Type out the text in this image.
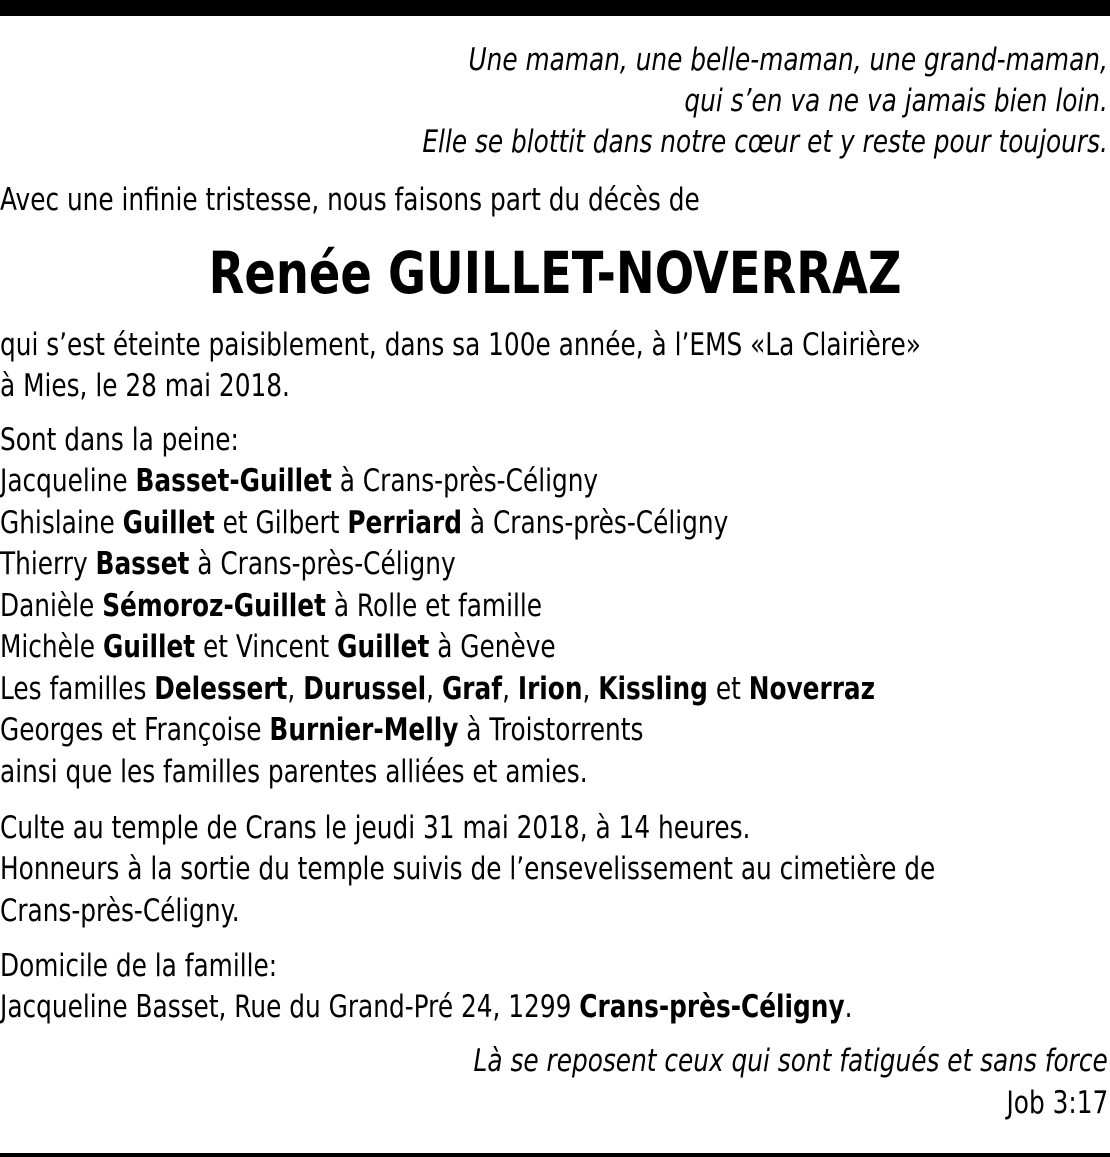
Une maman, une belle-maman, une grand-maman,
qui s’en va ne va jamais bien loin.
Elle se blottit dans notre cœur et y reste pour toujours.
Avec une infinie tristesse, nous faisons part du décès de
Renée GUILLET-NOVERRAZ
qui s’est éteinte paisiblement, dans sa 100e année, à l’EMS «La Clairière»
à Mies, le 28 mai 2018.
Sont dans la peine:
Jacqueline Basset-Guillet à Crans-près-Céligny
Ghislaine Guillet et Gilbert Perriard à Crans-près-Céligny
Thierry Basset à Crans-près-Céligny
Danièle Sémoroz-Guillet à Rolle et famille
Michèle Guillet et Vincent Guillet à Genève
Les familles Delessert, Durussel, Graf, Irion, Kissling et Noverraz
Georges et Françoise Burnier-Melly à Troistorrents
ainsi que les familles parentes alliées et amies.
Culte au temple de Crans le jeudi 31 mai 2018, à 14 heures.
Honneurs à la sortie du temple suivis de l’ensevelissement au cimetière de
Crans-près-Céligny.
Domicile de la famille:
Jacqueline Basset, Rue du Grand-Pré 24, 1299 Crans-près-Céligny.
Là se reposent ceux qui sont fatigués et sans force
Job 3:17
